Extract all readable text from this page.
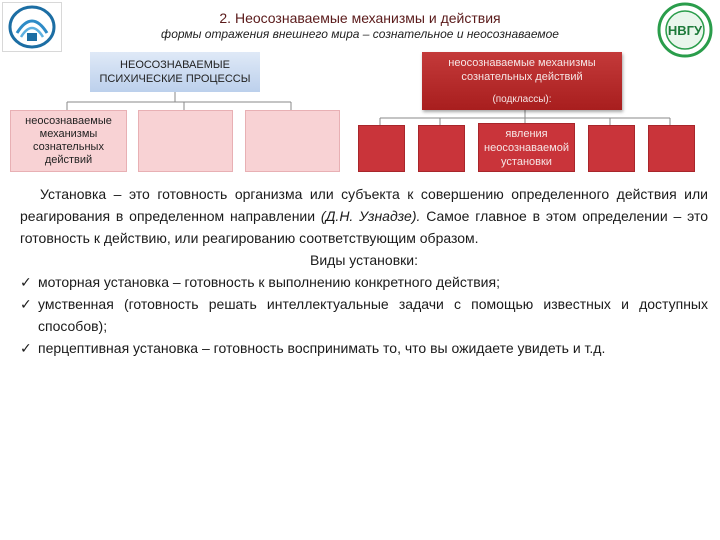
НВГУ
2. Неосознаваемые механизмы и действия
формы отражения внешнего мира – сознательное и неосознаваемое
НЕОСОЗНАВАЕМЫЕ ПСИХИЧЕСКИЕ ПРОЦЕССЫ
неосознаваемые механизмы сознательных действий
(подклассы):
неосознаваемые механизмы сознательных действий
явления неосознаваемой установки

Установка – это готовность организма или субъекта к совершению определенного действия или реагирования в определенном направлении (Д.Н. Узнадзе). Самое главное в этом определении – это готовность к действию, или реагированию соответствующим образом.

Виды установки:

✓ моторная установка – готовность к выполнению конкретного действия;

✓ умственная (готовность решать интеллектуальные задачи с помощью известных и доступных способов);

✓ перцептивная установка – готовность воспринимать то, что вы ожидаете увидеть и т.д.
